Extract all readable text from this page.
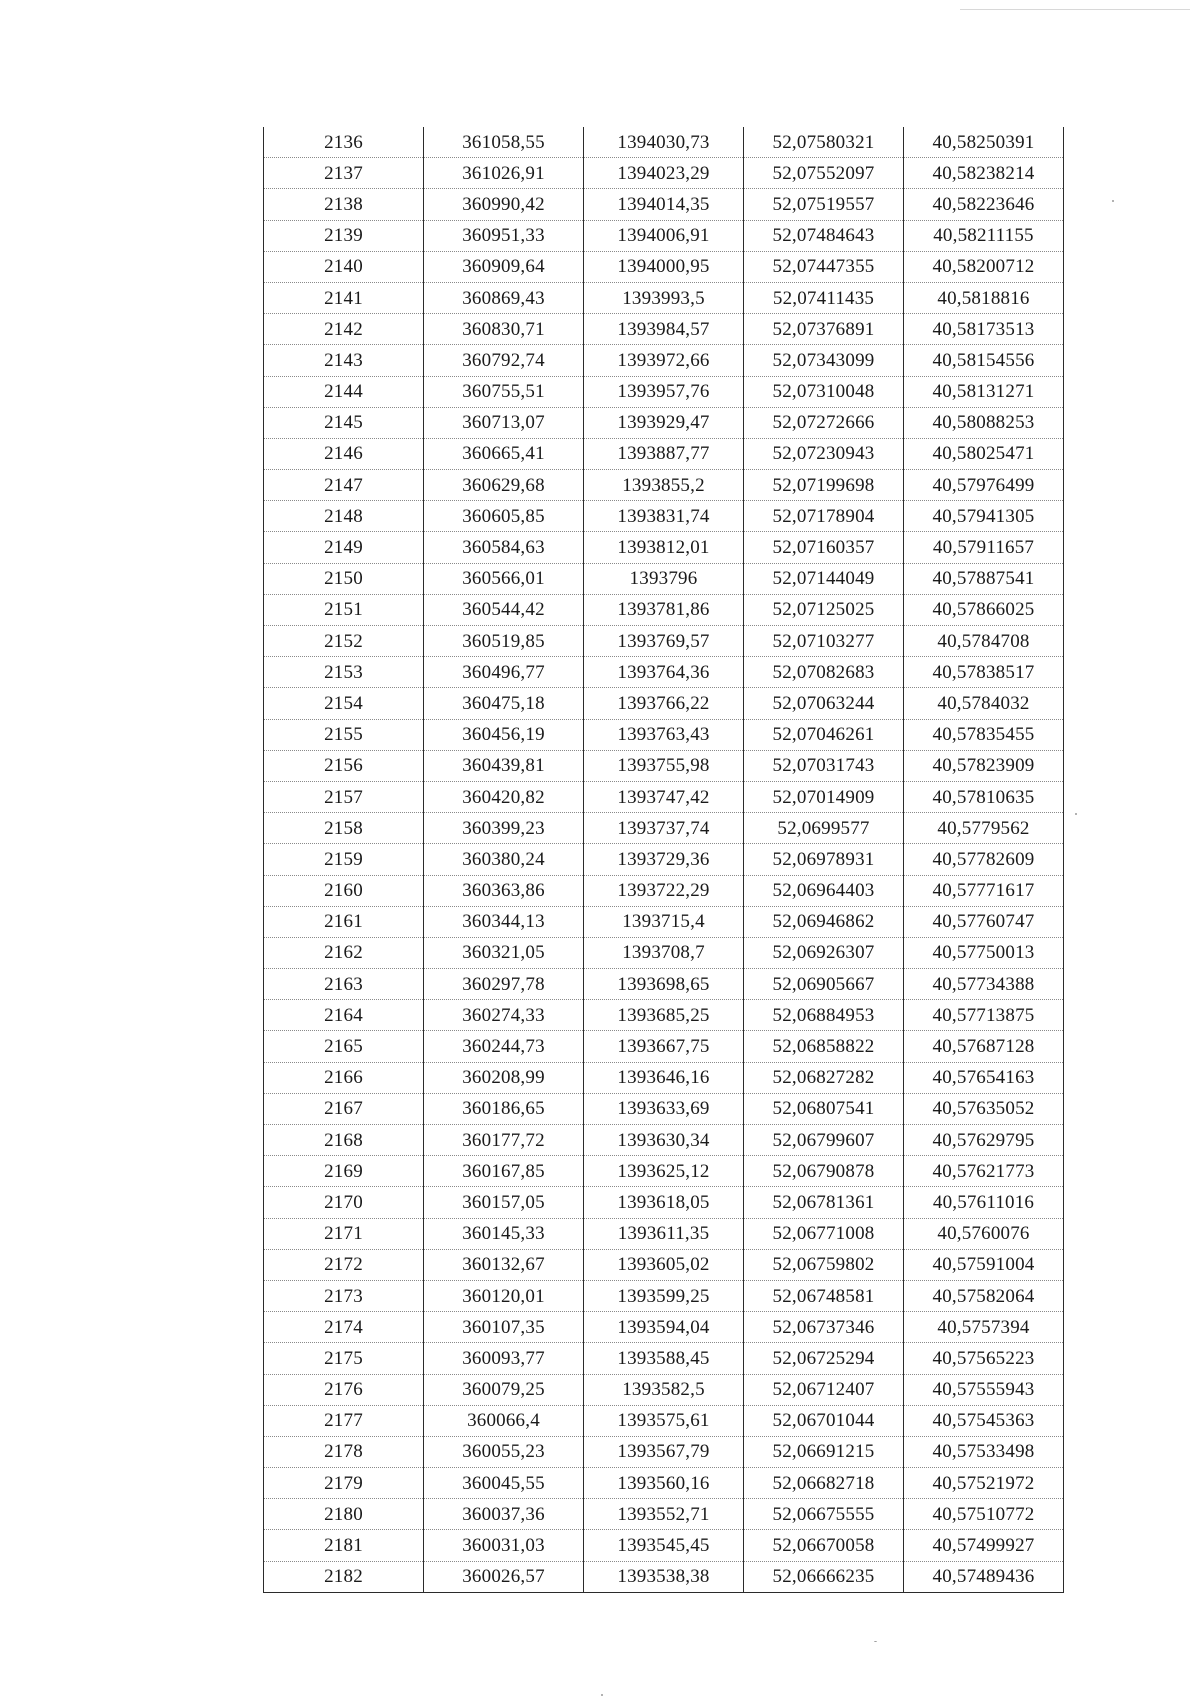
2136	361058,55	1394030,73	52,07580321	40,58250391
2137	361026,91	1394023,29	52,07552097	40,58238214
2138	360990,42	1394014,35	52,07519557	40,58223646
2139	360951,33	1394006,91	52,07484643	40,58211155
2140	360909,64	1394000,95	52,07447355	40,58200712
2141	360869,43	1393993,5	52,07411435	40,5818816
2142	360830,71	1393984,57	52,07376891	40,58173513
2143	360792,74	1393972,66	52,07343099	40,58154556
2144	360755,51	1393957,76	52,07310048	40,58131271
2145	360713,07	1393929,47	52,07272666	40,58088253
2146	360665,41	1393887,77	52,07230943	40,58025471
2147	360629,68	1393855,2	52,07199698	40,57976499
2148	360605,85	1393831,74	52,07178904	40,57941305
2149	360584,63	1393812,01	52,07160357	40,57911657
2150	360566,01	1393796	52,07144049	40,57887541
2151	360544,42	1393781,86	52,07125025	40,57866025
2152	360519,85	1393769,57	52,07103277	40,5784708
2153	360496,77	1393764,36	52,07082683	40,57838517
2154	360475,18	1393766,22	52,07063244	40,5784032
2155	360456,19	1393763,43	52,07046261	40,57835455
2156	360439,81	1393755,98	52,07031743	40,57823909
2157	360420,82	1393747,42	52,07014909	40,57810635
2158	360399,23	1393737,74	52,0699577	40,5779562
2159	360380,24	1393729,36	52,06978931	40,57782609
2160	360363,86	1393722,29	52,06964403	40,57771617
2161	360344,13	1393715,4	52,06946862	40,57760747
2162	360321,05	1393708,7	52,06926307	40,57750013
2163	360297,78	1393698,65	52,06905667	40,57734388
2164	360274,33	1393685,25	52,06884953	40,57713875
2165	360244,73	1393667,75	52,06858822	40,57687128
2166	360208,99	1393646,16	52,06827282	40,57654163
2167	360186,65	1393633,69	52,06807541	40,57635052
2168	360177,72	1393630,34	52,06799607	40,57629795
2169	360167,85	1393625,12	52,06790878	40,57621773
2170	360157,05	1393618,05	52,06781361	40,57611016
2171	360145,33	1393611,35	52,06771008	40,5760076
2172	360132,67	1393605,02	52,06759802	40,57591004
2173	360120,01	1393599,25	52,06748581	40,57582064
2174	360107,35	1393594,04	52,06737346	40,5757394
2175	360093,77	1393588,45	52,06725294	40,57565223
2176	360079,25	1393582,5	52,06712407	40,57555943
2177	360066,4	1393575,61	52,06701044	40,57545363
2178	360055,23	1393567,79	52,06691215	40,57533498
2179	360045,55	1393560,16	52,06682718	40,57521972
2180	360037,36	1393552,71	52,06675555	40,57510772
2181	360031,03	1393545,45	52,06670058	40,57499927
2182	360026,57	1393538,38	52,06666235	40,57489436
